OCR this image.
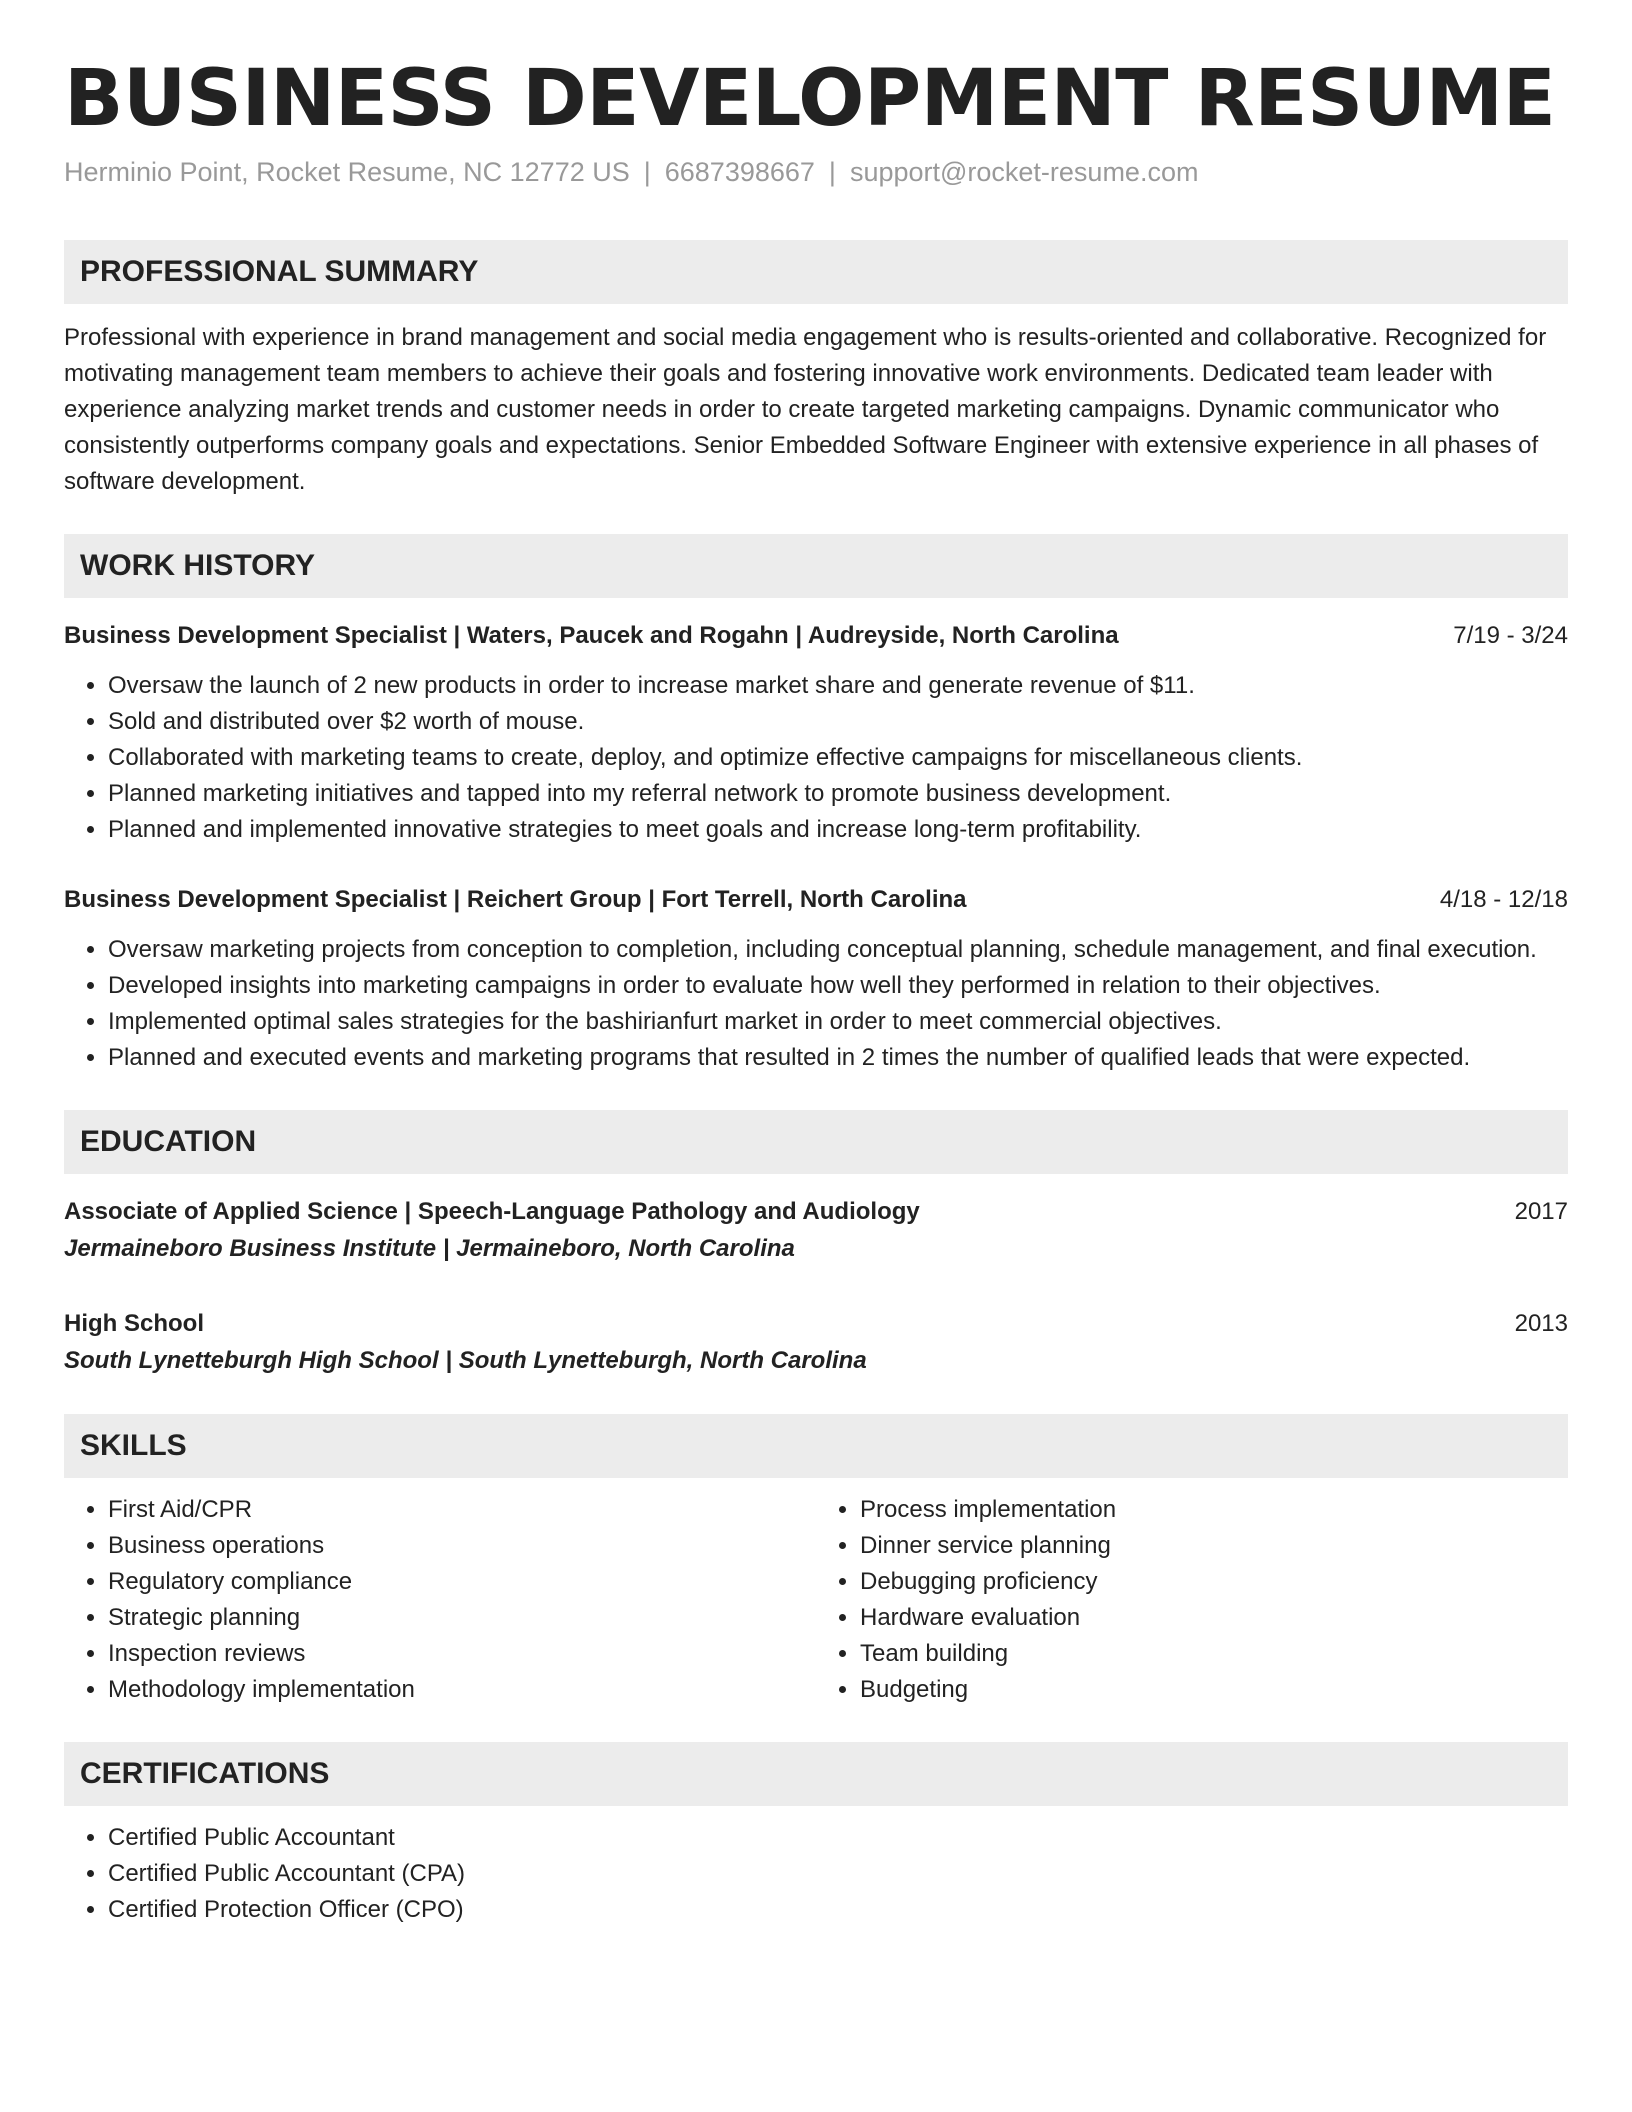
BUSINESS DEVELOPMENT RESUME
Herminio Point, Rocket Resume, NC 12772 US | 6687398667 | support@rocket-resume.com
PROFESSIONAL SUMMARY
Professional with experience in brand management and social media engagement who is results-oriented and collaborative. Recognized for motivating management team members to achieve their goals and fostering innovative work environments. Dedicated team leader with experience analyzing market trends and customer needs in order to create targeted marketing campaigns. Dynamic communicator who consistently outperforms company goals and expectations. Senior Embedded Software Engineer with extensive experience in all phases of software development.
WORK HISTORY
Business Development Specialist | Waters, Paucek and Rogahn | Audreyside, North Carolina	7/19 - 3/24
• Oversaw the launch of 2 new products in order to increase market share and generate revenue of $11.
• Sold and distributed over $2 worth of mouse.
• Collaborated with marketing teams to create, deploy, and optimize effective campaigns for miscellaneous clients.
• Planned marketing initiatives and tapped into my referral network to promote business development.
• Planned and implemented innovative strategies to meet goals and increase long-term profitability.
Business Development Specialist | Reichert Group | Fort Terrell, North Carolina	4/18 - 12/18
• Oversaw marketing projects from conception to completion, including conceptual planning, schedule management, and final execution.
• Developed insights into marketing campaigns in order to evaluate how well they performed in relation to their objectives.
• Implemented optimal sales strategies for the bashirianfurt market in order to meet commercial objectives.
• Planned and executed events and marketing programs that resulted in 2 times the number of qualified leads that were expected.
EDUCATION
Associate of Applied Science | Speech-Language Pathology and Audiology	2017
Jermaineboro Business Institute | Jermaineboro, North Carolina
High School	2013
South Lynetteburgh High School | South Lynetteburgh, North Carolina
SKILLS
• First Aid/CPR
• Business operations
• Regulatory compliance
• Strategic planning
• Inspection reviews
• Methodology implementation
• Process implementation
• Dinner service planning
• Debugging proficiency
• Hardware evaluation
• Team building
• Budgeting
CERTIFICATIONS
• Certified Public Accountant
• Certified Public Accountant (CPA)
• Certified Protection Officer (CPO)
